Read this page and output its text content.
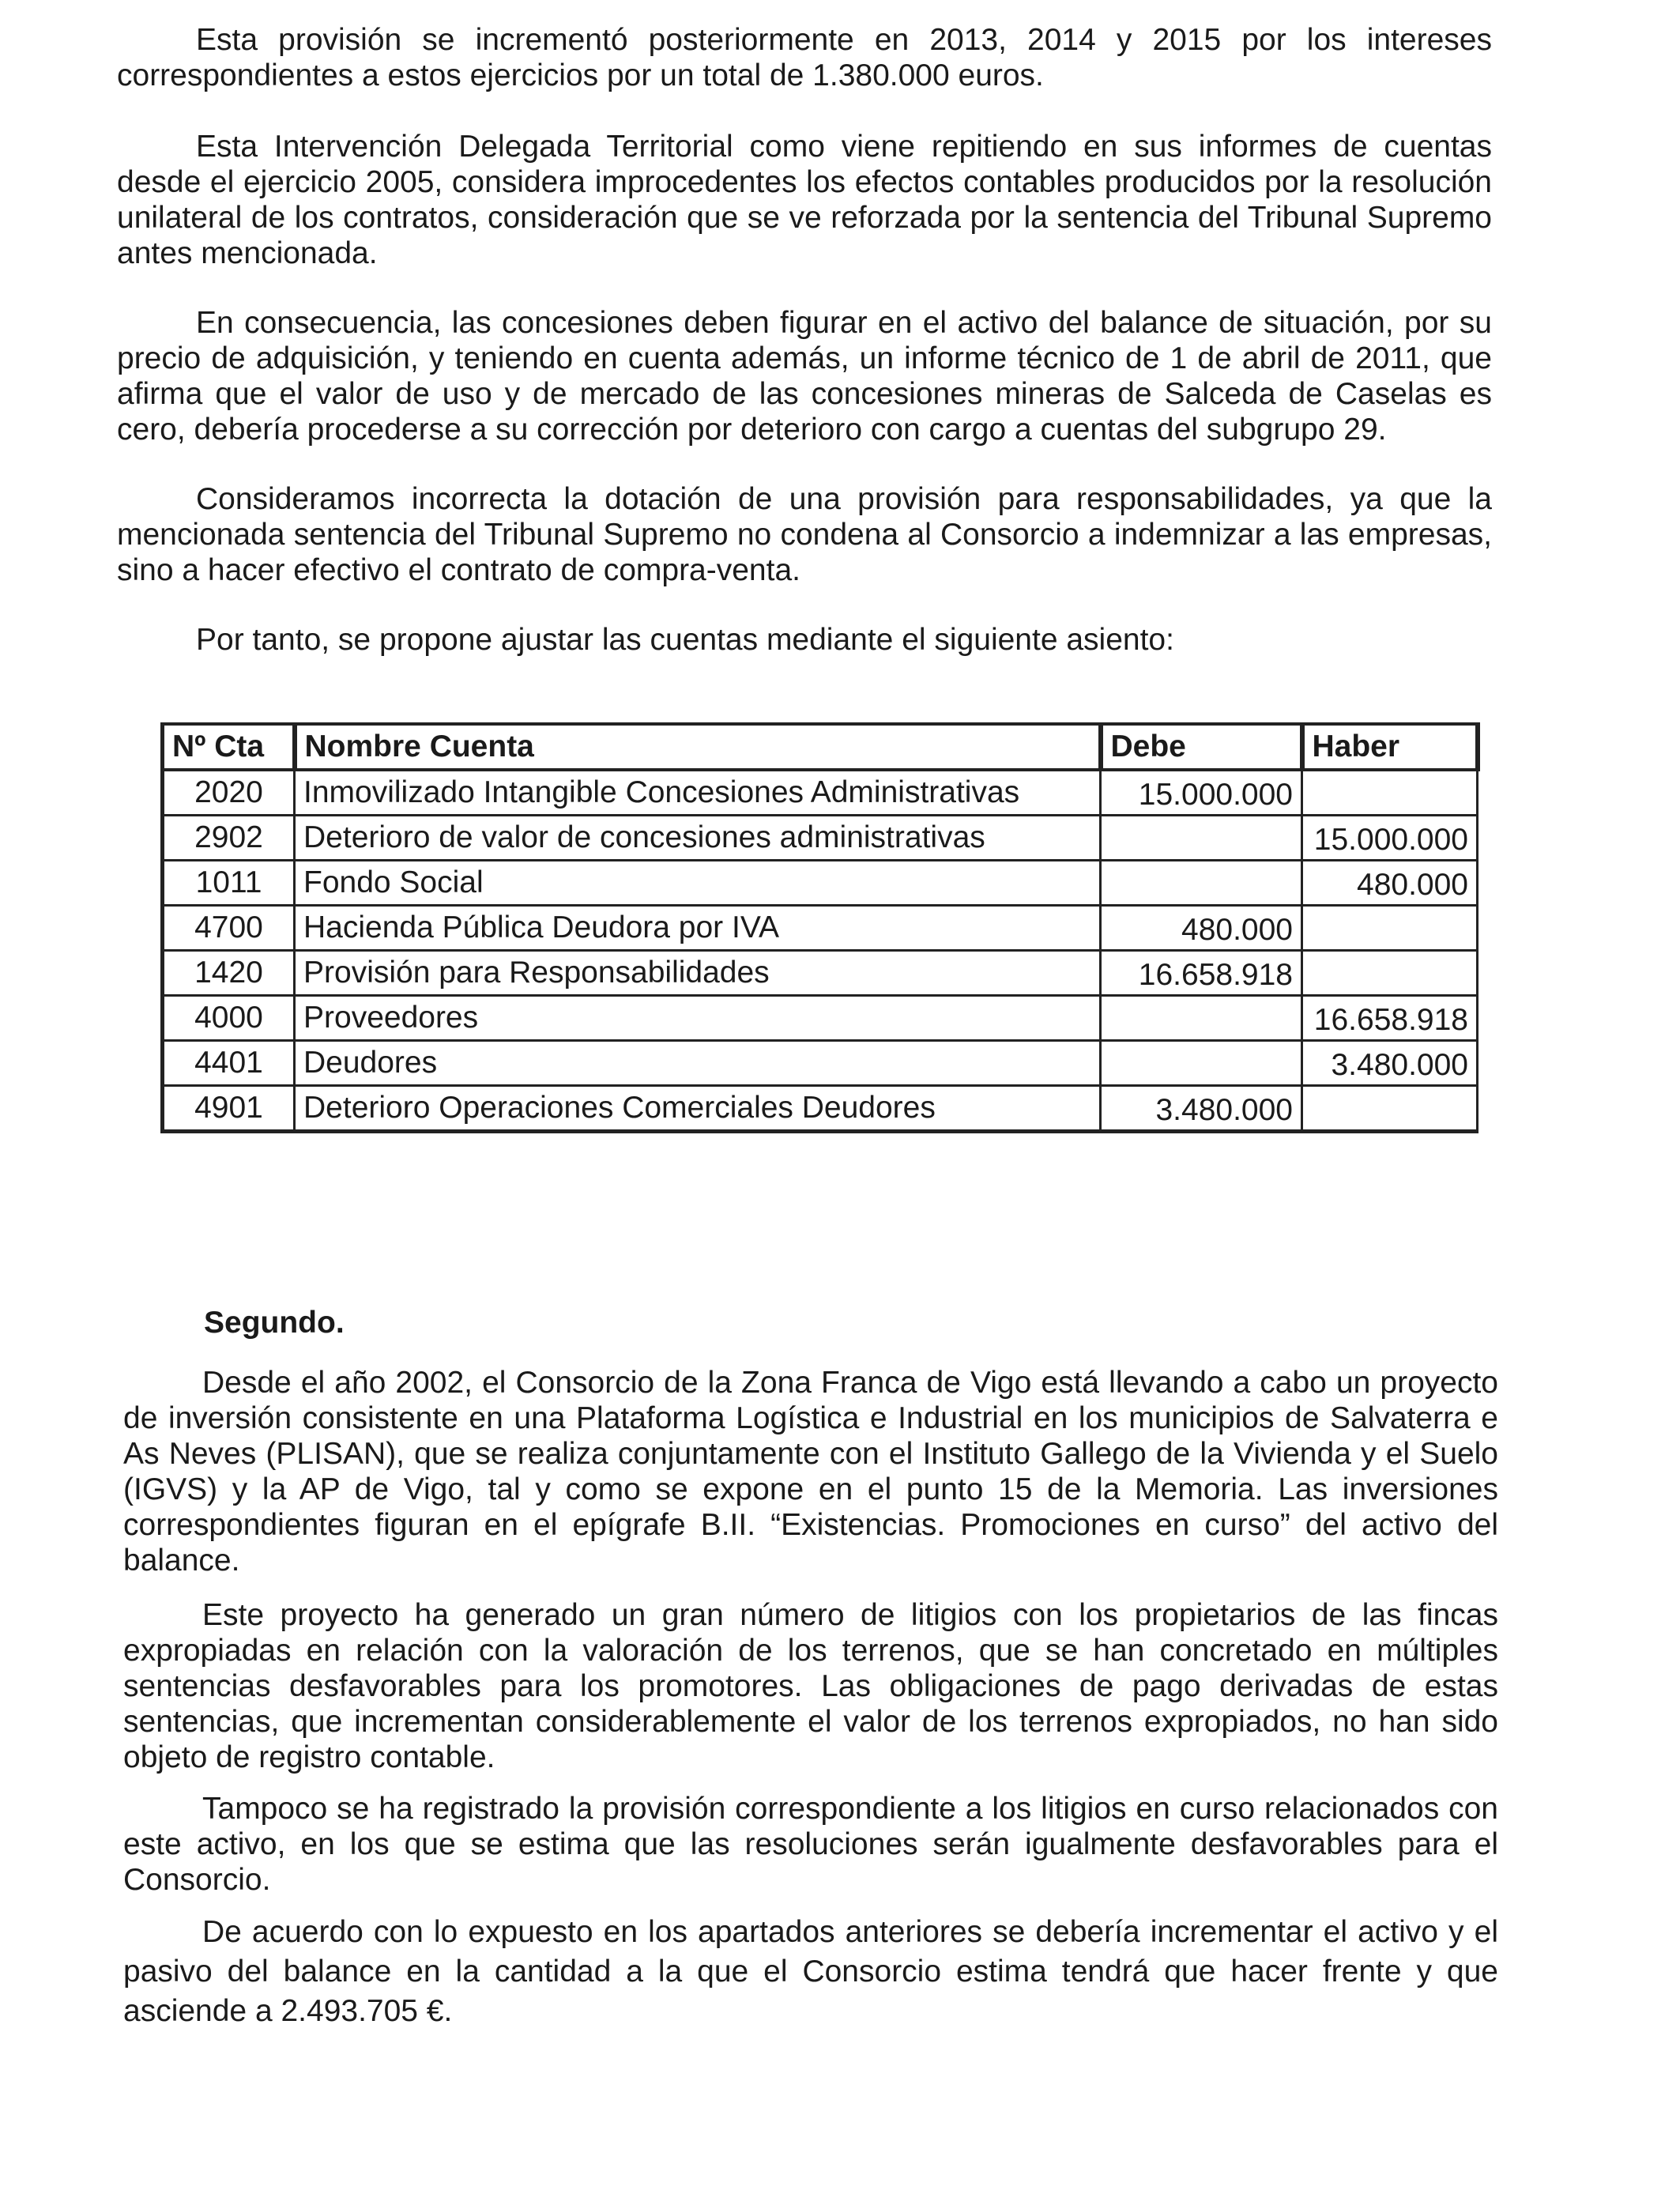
Esta provisión se incrementó posteriormente en 2013, 2014 y 2015 por los intereses correspondientes a estos ejercicios por un total de 1.380.000 euros.

Esta Intervención Delegada Territorial como viene repitiendo en sus informes de cuentas desde el ejercicio 2005, considera improcedentes los efectos contables producidos por la resolución unilateral de los contratos, consideración que se ve reforzada por la sentencia del Tribunal Supremo antes mencionada.

En consecuencia, las concesiones deben figurar en el activo del balance de situación, por su precio de adquisición, y teniendo en cuenta además, un informe técnico de 1 de abril de 2011, que afirma que el valor de uso y de mercado de las concesiones mineras de Salceda de Caselas es cero, debería procederse a su corrección por deterioro con cargo a cuentas del subgrupo 29.

Consideramos incorrecta la dotación de una provisión para responsabilidades, ya que la mencionada sentencia del Tribunal Supremo no condena al Consorcio a indemnizar a las empresas, sino a hacer efectivo el contrato de compra-venta.

Por tanto, se propone ajustar las cuentas mediante el siguiente asiento:

Nº Cta	Nombre Cuenta	Debe	Haber
2020	Inmovilizado Intangible Concesiones Administrativas	15.000.000	
2902	Deterioro de valor de concesiones administrativas		15.000.000
1011	Fondo Social		480.000
4700	Hacienda Pública Deudora por IVA	480.000	
1420	Provisión para Responsabilidades	16.658.918	
4000	Proveedores		16.658.918
4401	Deudores		3.480.000
4901	Deterioro Operaciones Comerciales Deudores	3.480.000	
Segundo.

Desde el año 2002, el Consorcio de la Zona Franca de Vigo está llevando a cabo un proyecto de inversión consistente en una Plataforma Logística e Industrial en los municipios de Salvaterra e As Neves (PLISAN), que se realiza conjuntamente con el Instituto Gallego de la Vivienda y el Suelo (IGVS) y la AP de Vigo, tal y como se expone en el punto 15 de la Memoria. Las inversiones correspondientes figuran en el epígrafe B.II. “Existencias. Promociones en curso” del activo del balance.

Este proyecto ha generado un gran número de litigios con los propietarios de las fincas expropiadas en relación con la valoración de los terrenos, que se han concretado en múltiples sentencias desfavorables para los promotores. Las obligaciones de pago derivadas de estas sentencias, que incrementan considerablemente el valor de los terrenos expropiados, no han sido objeto de registro contable.

Tampoco se ha registrado la provisión correspondiente a los litigios en curso relacionados con este activo, en los que se estima que las resoluciones serán igualmente desfavorables para el Consorcio.

De acuerdo con lo expuesto en los apartados anteriores se debería incrementar el activo y el pasivo del balance en la cantidad a la que el Consorcio estima tendrá que hacer frente y que asciende a 2.493.705 €.
